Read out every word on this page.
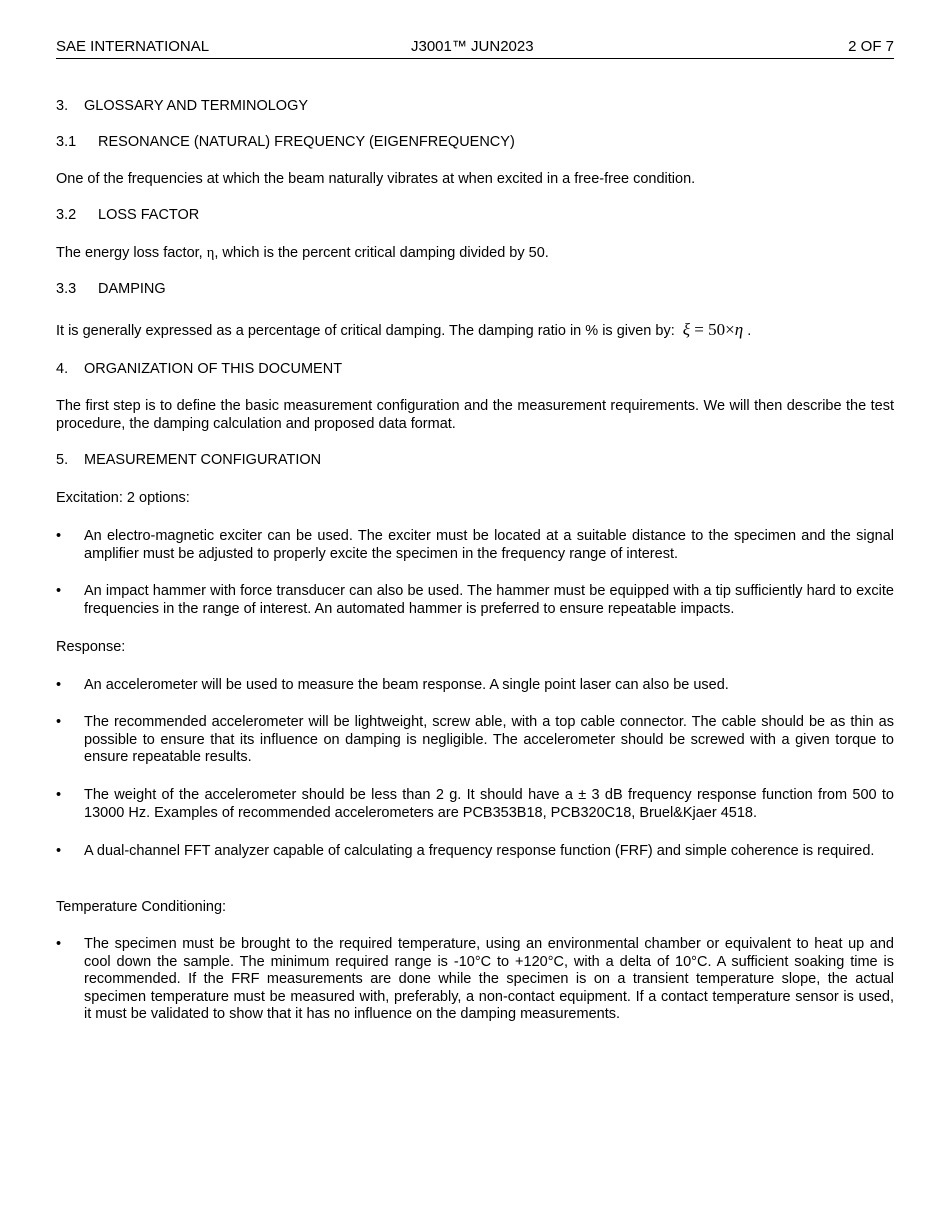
SAE INTERNATIONAL	J3001™ JUN2023	2 OF 7
3. GLOSSARY AND TERMINOLOGY
3.1 RESONANCE (NATURAL) FREQUENCY (EIGENFREQUENCY)
One of the frequencies at which the beam naturally vibrates at when excited in a free-free condition.
3.2 LOSS FACTOR
The energy loss factor, η, which is the percent critical damping divided by 50.
3.3 DAMPING
It is generally expressed as a percentage of critical damping. The damping ratio in % is given by: ξ = 50×η .
4. ORGANIZATION OF THIS DOCUMENT
The first step is to define the basic measurement configuration and the measurement requirements. We will then describe the test procedure, the damping calculation and proposed data format.
5. MEASUREMENT CONFIGURATION
Excitation: 2 options:
• An electro-magnetic exciter can be used. The exciter must be located at a suitable distance to the specimen and the signal amplifier must be adjusted to properly excite the specimen in the frequency range of interest.
• An impact hammer with force transducer can also be used. The hammer must be equipped with a tip sufficiently hard to excite frequencies in the range of interest. An automated hammer is preferred to ensure repeatable impacts.
Response:
• An accelerometer will be used to measure the beam response. A single point laser can also be used.
• The recommended accelerometer will be lightweight, screw able, with a top cable connector. The cable should be as thin as possible to ensure that its influence on damping is negligible. The accelerometer should be screwed with a given torque to ensure repeatable results.
• The weight of the accelerometer should be less than 2 g. It should have a ± 3 dB frequency response function from 500 to 13000 Hz. Examples of recommended accelerometers are PCB353B18, PCB320C18, Bruel&Kjaer 4518.
• A dual-channel FFT analyzer capable of calculating a frequency response function (FRF) and simple coherence is required.
Temperature Conditioning:
• The specimen must be brought to the required temperature, using an environmental chamber or equivalent to heat up and cool down the sample. The minimum required range is -10°C to +120°C, with a delta of 10°C. A sufficient soaking time is recommended. If the FRF measurements are done while the specimen is on a transient temperature slope, the actual specimen temperature must be measured with, preferably, a non-contact equipment. If a contact temperature sensor is used, it must be validated to show that it has no influence on the damping measurements.
